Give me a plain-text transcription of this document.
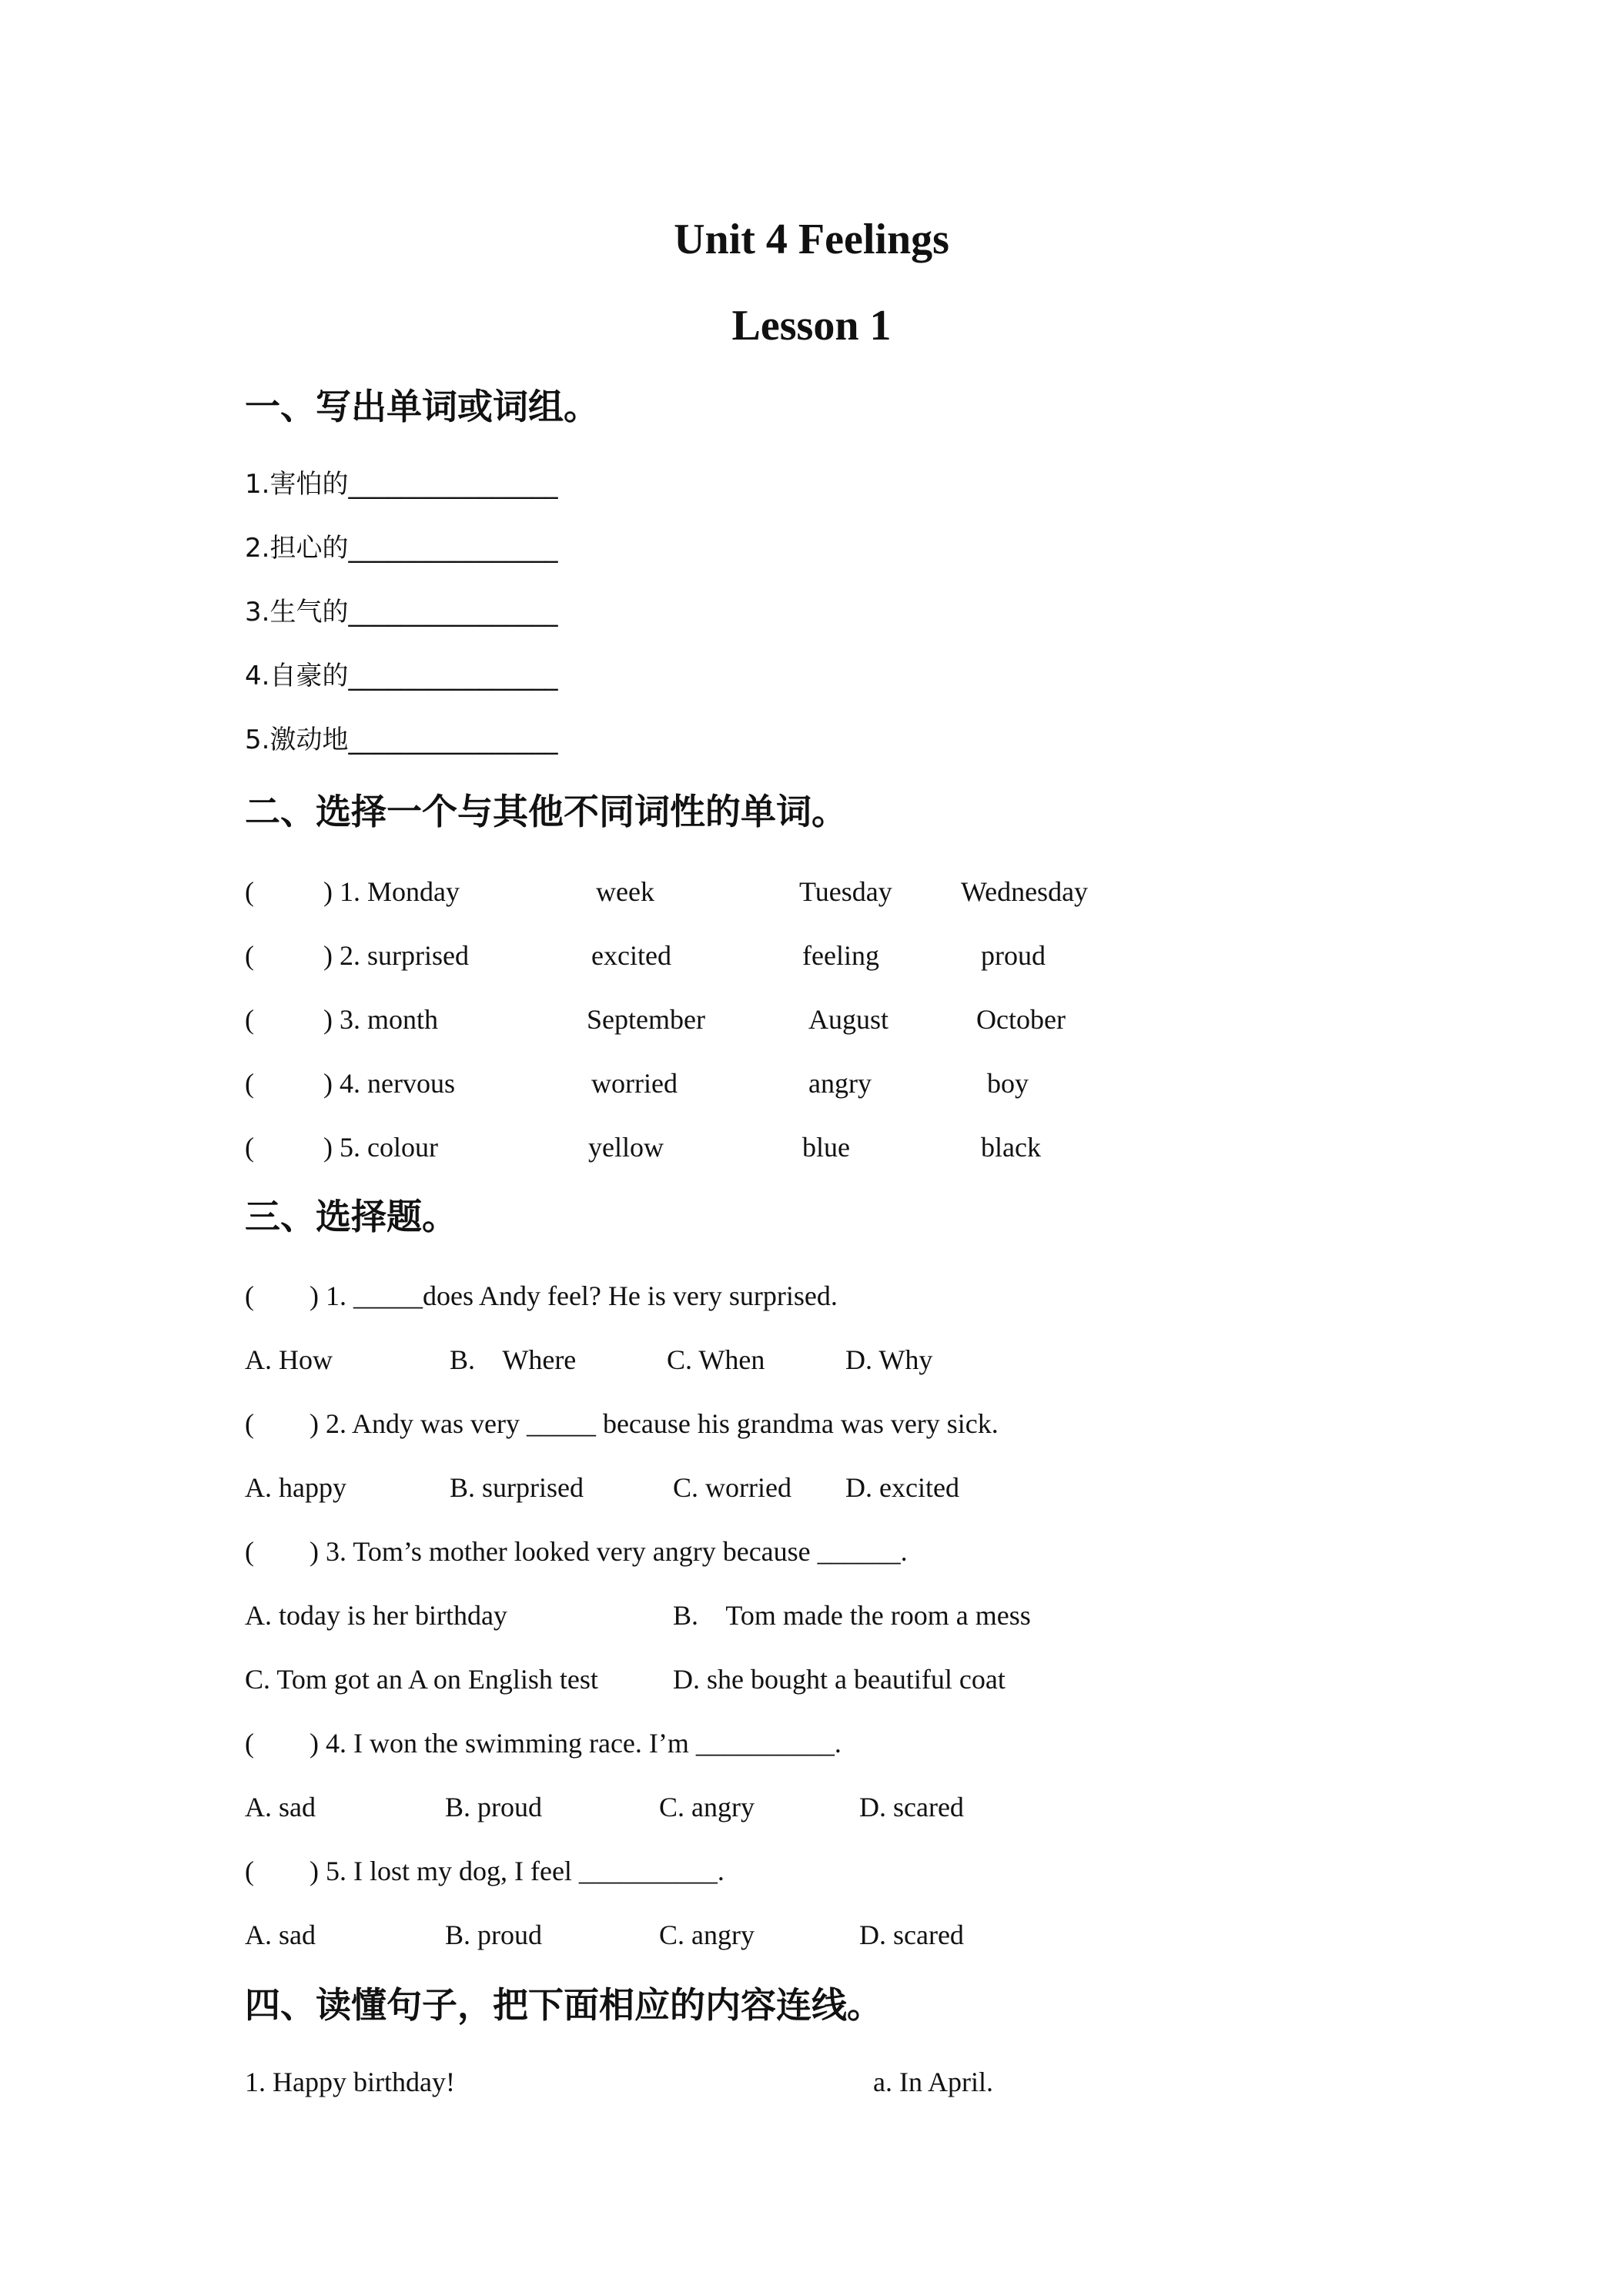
Unit 4 Feelings
Lesson 1
一、写出单词或词组。
1.害怕的________________
2.担心的________________
3.生气的________________
4.自豪的________________
5.激动地________________
二、选择一个与其他不同词性的单词。
(	) 1. Monday	week	Tuesday Wednesday
(	) 2. surprised	excited	feeling	proud
(	) 3. month	September	August	October
(	) 4. nervous	worried	angry	boy
(	) 5. colour	yellow	blue	black
三、选择题。
( ) 1. _____does Andy feel? He is very surprised.
A. How	B.    Where	C. When	D. Why
( ) 2. Andy was very _____ because his grandma was very sick.
A. happy	B. surprised	C. worried D. excited
( ) 3. Tom’s mother looked very angry because ______.
A. today is her birthday	B.    Tom made the room a mess
C. Tom got an A on English test	D. she bought a beautiful coat
( ) 4. I won the swimming race. I’m __________.
A. sad	B. proud	C. angry	D. scared
( ) 5. I lost my dog, I feel __________.
A. sad	B. proud	C. angry	D. scared
四、读懂句子，把下面相应的内容连线。
1. Happy birthday!	a. In April.
